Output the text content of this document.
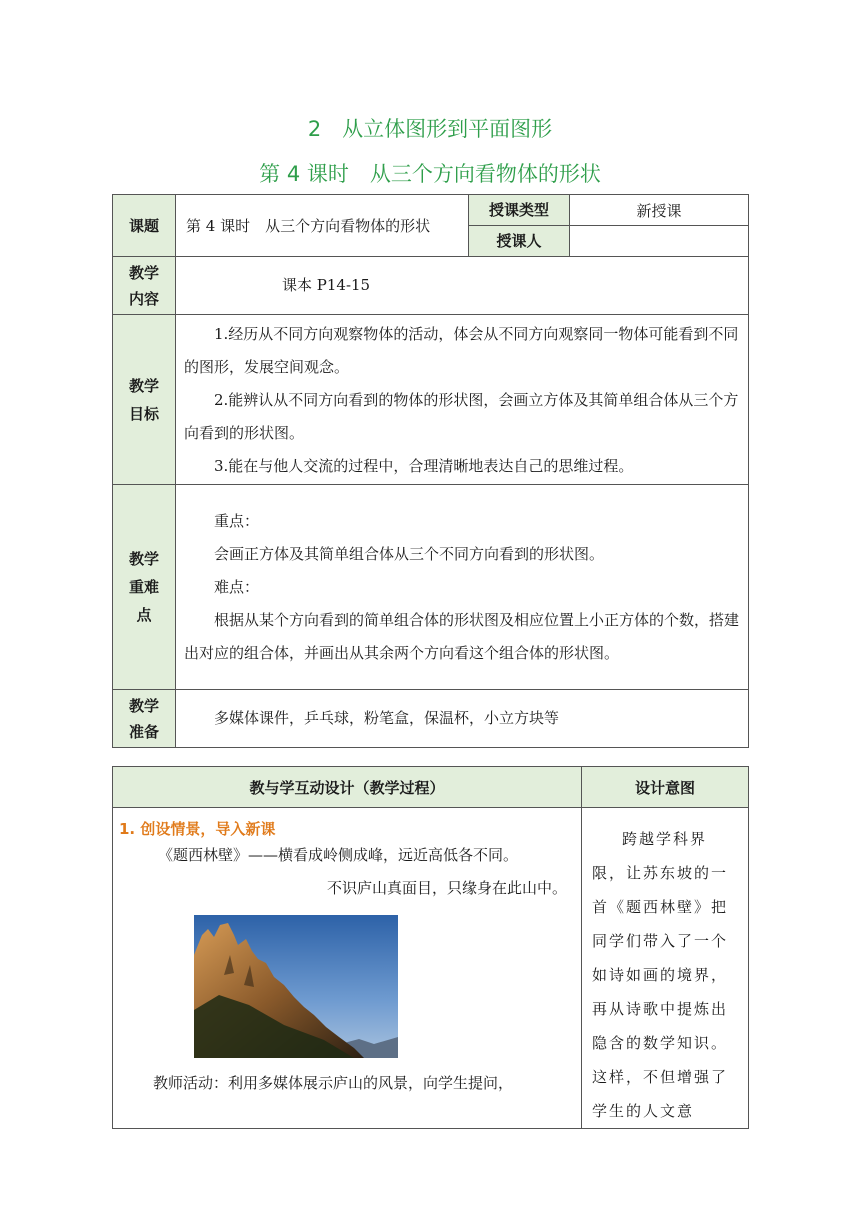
2　从立体图形到平面图形
第 4 课时　从三个方向看物体的形状
课题	第 4 课时　从三个方向看物体的形状	授课类型	新授课
		授课人	
教学内容	课本 P14-15		

教学目标	1.经历从不同方向观察物体的活动，体会从不同方向观察同一物体可能看到不同的图形，发展空间观念。

2.能辨认从不同方向看到的物体的形状图，会画立方体及其简单组合体从三个方向看到的形状图。

3.能在与他人交流的过程中，合理清晰地表达自己的思维过程。		

教学重难点	重点：

会画正方体及其简单组合体从三个不同方向看到的形状图。

难点：

根据从某个方向看到的简单组合体的形状图及相应位置上小正方体的个数，搭建出对应的组合体，并画出从其余两个方向看这个组合体的形状图。		

教学准备	多媒体课件，乒乓球，粉笔盒，保温杯，小立方块等		

教与学互动设计（教学过程）	设计意图

1. 创设情景，导入新课
《题西林壁》——横看成岭侧成峰，远近高低各不同。
不识庐山真面目，只缘身在此山中。
教师活动：利用多媒体展示庐山的风景，向学生提问，	跨越学科界限，让苏东坡的一首《题西林壁》把同学们带入了一个如诗如画的境界，再从诗歌中提炼出隐含的数学知识。这样，不但增强了学生的人文意
